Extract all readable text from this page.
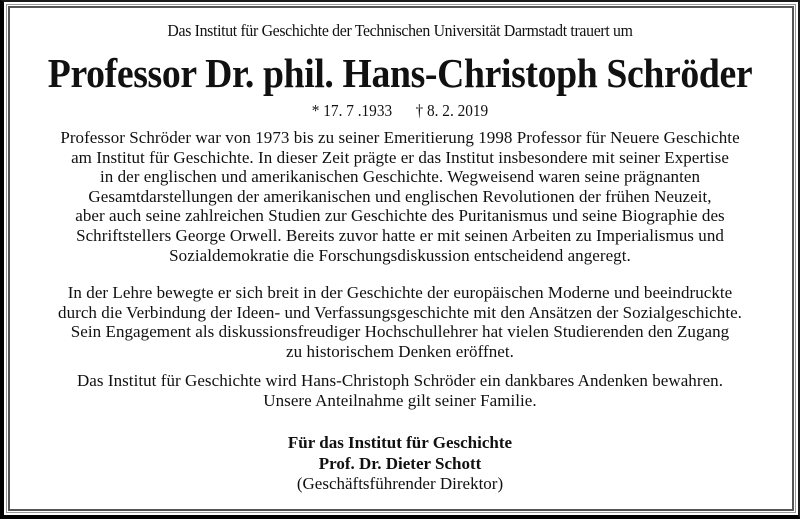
Das Institut für Geschichte der Technischen Universität Darmstadt trauert um
Professor Dr. phil. Hans-Christoph Schröder
* 17. 7 .1933 † 8. 2. 2019
Professor Schröder war von 1973 bis zu seiner Emeritierung 1998 Professor für Neuere Geschichte
am Institut für Geschichte. In dieser Zeit prägte er das Institut insbesondere mit seiner Expertise
in der englischen und amerikanischen Geschichte. Wegweisend waren seine prägnanten
Gesamtdarstellungen der amerikanischen und englischen Revolutionen der frühen Neuzeit,
aber auch seine zahlreichen Studien zur Geschichte des Puritanismus und seine Biographie des
Schriftstellers George Orwell. Bereits zuvor hatte er mit seinen Arbeiten zu Imperialismus und
Sozialdemokratie die Forschungsdiskussion entscheidend angeregt.
In der Lehre bewegte er sich breit in der Geschichte der europäischen Moderne und beeindruckte
durch die Verbindung der Ideen- und Verfassungsgeschichte mit den Ansätzen der Sozialgeschichte.
Sein Engagement als diskussionsfreudiger Hochschullehrer hat vielen Studierenden den Zugang
zu historischem Denken eröffnet.
Das Institut für Geschichte wird Hans-Christoph Schröder ein dankbares Andenken bewahren.
Unsere Anteilnahme gilt seiner Familie.
Für das Institut für Geschichte
Prof. Dr. Dieter Schott
(Geschäftsführender Direktor)
